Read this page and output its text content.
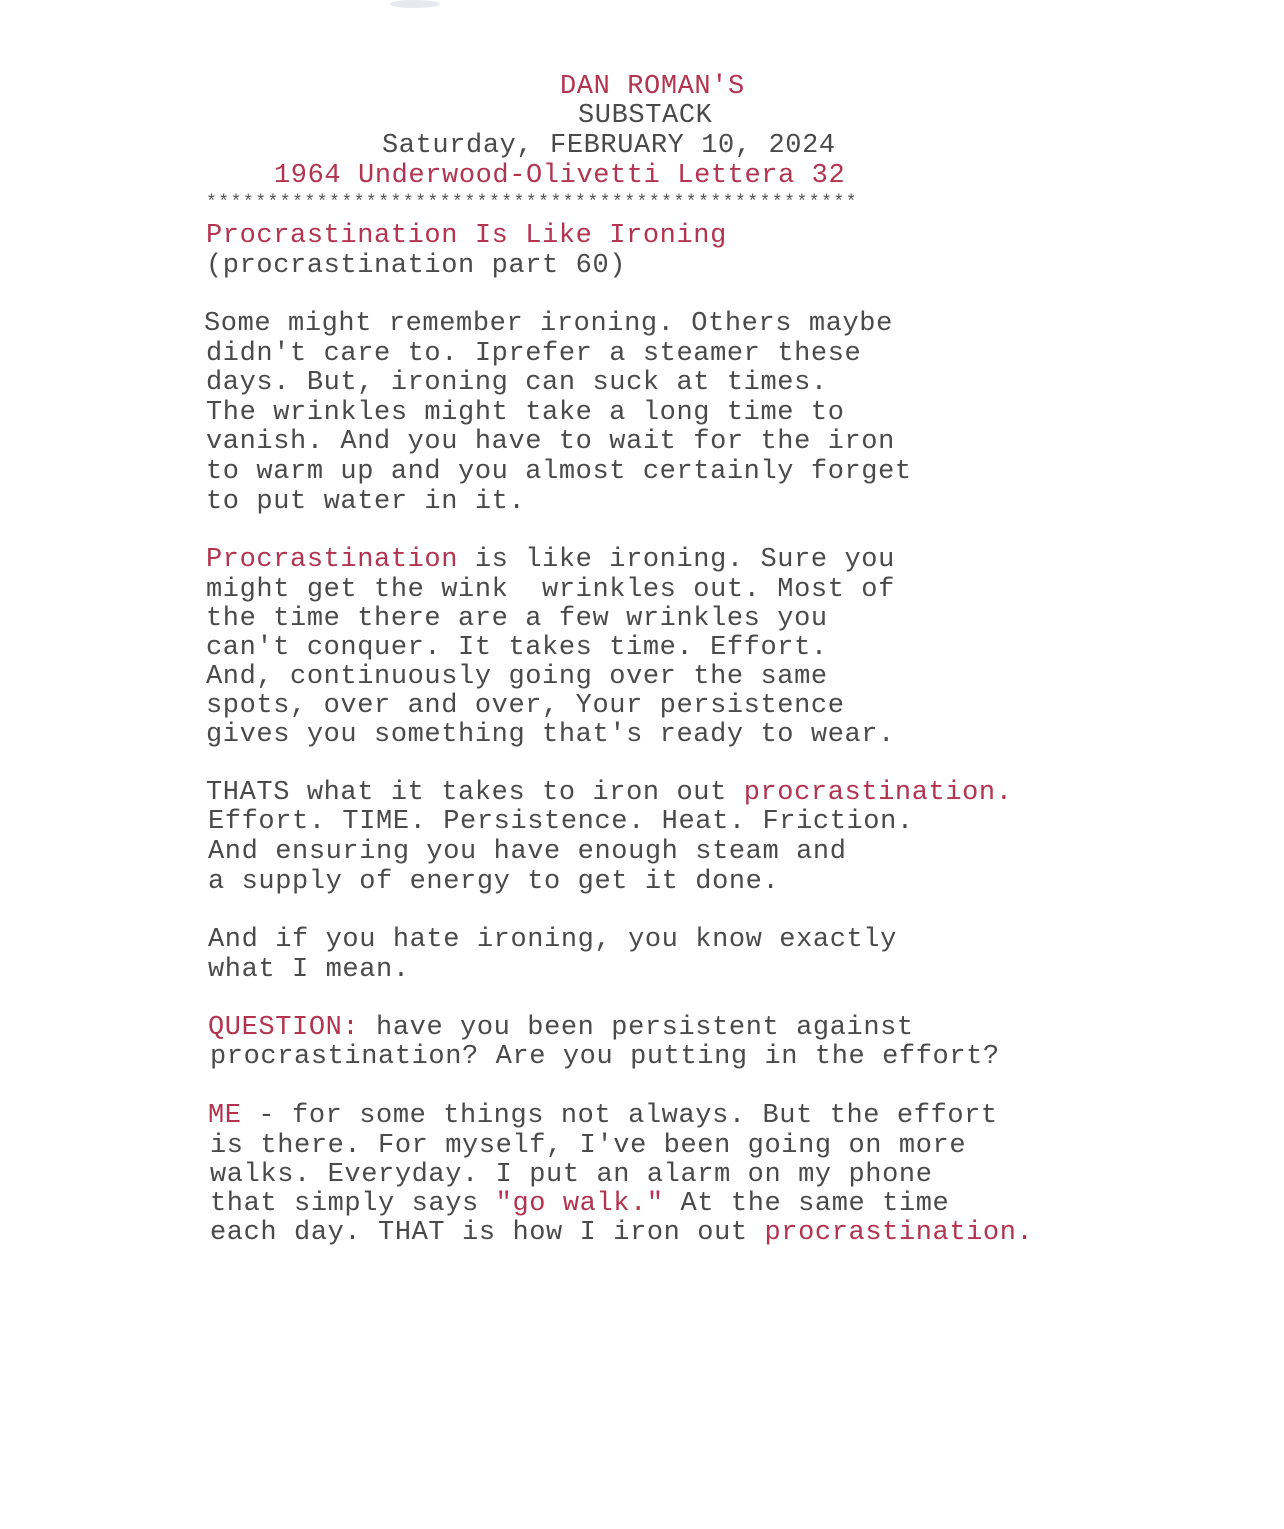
DAN ROMAN'S
SUBSTACK
Saturday, FEBRUARY 10, 2024
1964 Underwood-Olivetti Lettera 32
*****************************************************
Procrastination Is Like Ironing
(procrastination part 60)
Some might remember ironing. Others maybe
didn't care to. Iprefer a steamer these
days. But, ironing can suck at times.
The wrinkles might take a long time to
vanish. And you have to wait for the iron
to warm up and you almost certainly forget
to put water in it.
Procrastination is like ironing. Sure you
might get the wink  wrinkles out. Most of
the time there are a few wrinkles you
can't conquer. It takes time. Effort.
And, continuously going over the same
spots, over and over, Your persistence
gives you something that's ready to wear.
THATS what it takes to iron out procrastination.
Effort. TIME. Persistence. Heat. Friction.
And ensuring you have enough steam and
a supply of energy to get it done.
And if you hate ironing, you know exactly
what I mean.
QUESTION: have you been persistent against
procrastination? Are you putting in the effort?
ME - for some things not always. But the effort
is there. For myself, I've been going on more
walks. Everyday. I put an alarm on my phone
that simply says "go walk." At the same time
each day. THAT is how I iron out procrastination.
